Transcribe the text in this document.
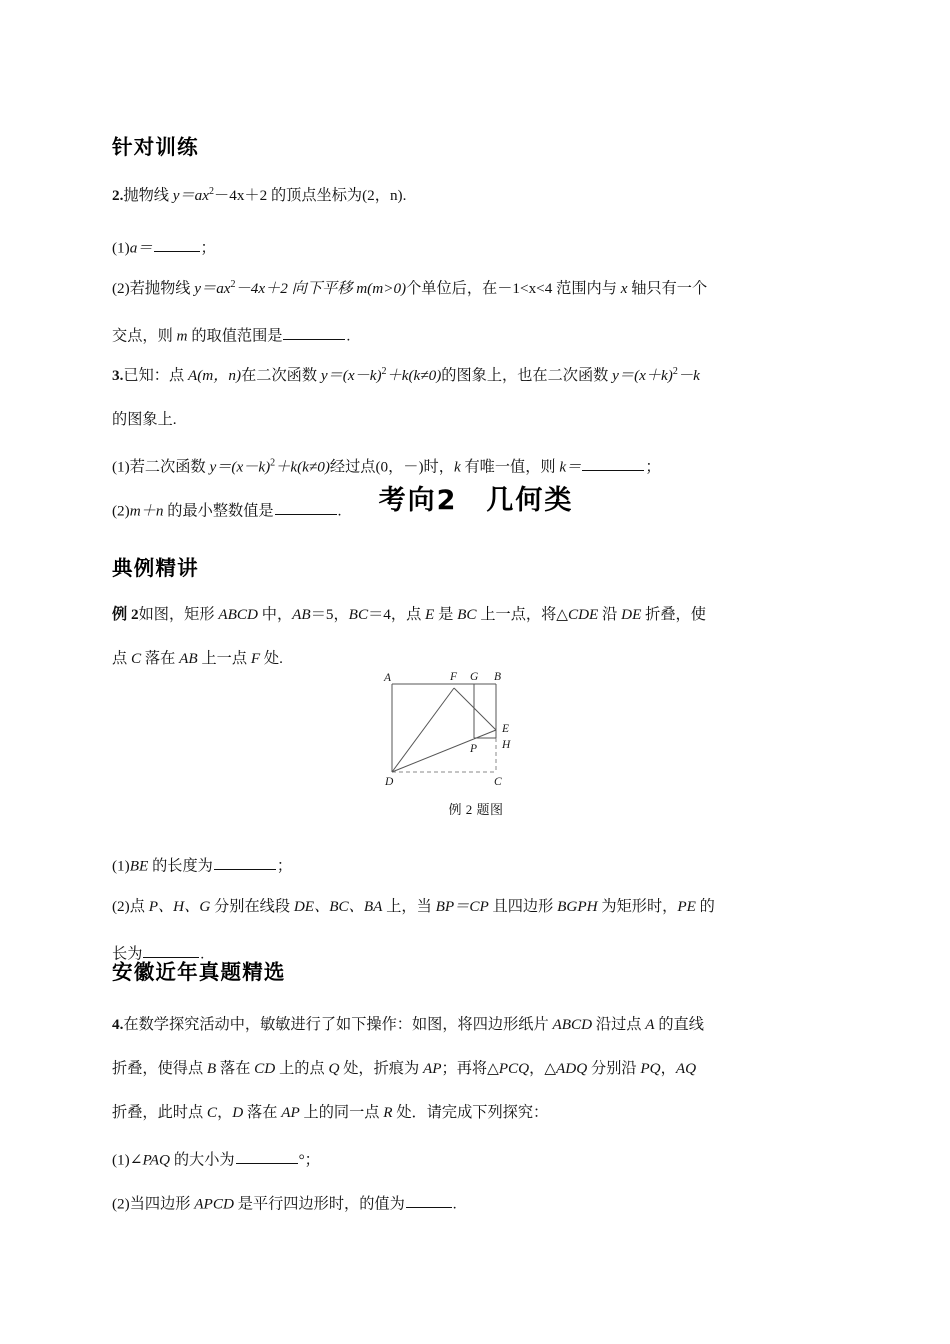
针对训练
2.抛物线 $y=ax^2-4x+2$ 的顶点坐标为(2，n).
(1)a＝	；
(2)若抛物线 $y=ax^2-4x+2$ 向下平移 m(m>0)个单位后，在－1<x<4 范围内与 x 轴只有一个
交点，则 m 的取值范围是	.
3.已知：点 A(m，n)在二次函数 $y=(x-k)^2+k(k\ne 0)$的图象上，也在二次函数 $y=(x+k)^2-k$
的图象上.
(1)若二次函数 $y=(x-k)^2+k(k\ne 0)$经过点(0，－)时，k 有唯一值，则 k＝	；
(2)m＋n 的最小整数值是	.	考向2　几何类
典例精讲
例 2如图，矩形 ABCD 中，AB＝5，BC＝4，点 E 是 BC 上一点，将△CDE 沿 DE 折叠，使
点 C 落在 AB 上一点 F 处.
A	B
C
D
F G
E
H
P
例 2 题图
(1)BE 的长度为	；
(2)点 P、H、G 分别在线段 DE、BC、BA 上，当 BP＝CP 且四边形 BGPH 为矩形时，PE 的
长为	.
安徽近年真题精选
4.在数学探究活动中，敏敏进行了如下操作：如图，将四边形纸片 ABCD 沿过点 A 的直线
折叠，使得点 B 落在 CD 上的点 Q 处，折痕为 AP；再将△PCQ，△ADQ 分别沿 PQ，AQ
折叠，此时点 C，D 落在 AP 上的同一点 R 处．请完成下列探究：
(1)∠PAQ 的大小为	°；
(2)当四边形 APCD 是平行四边形时，的值为	.
